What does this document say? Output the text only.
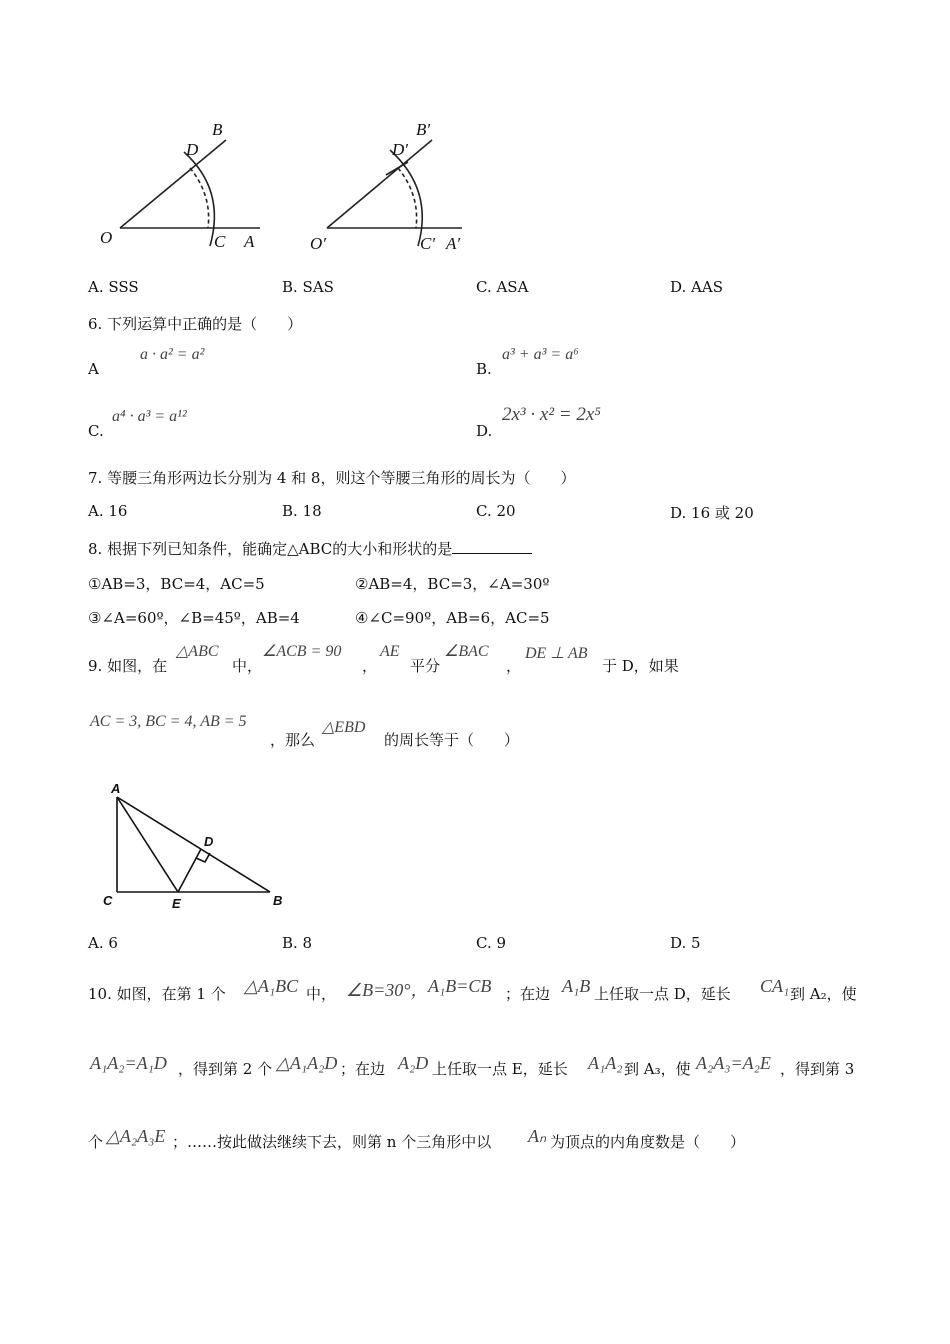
O	A
B
C
D
O′	A′
B′
C′
D′
A. SSS	B. SAS	C. ASA	D. AAS
6. 下列运算中正确的是（　　）
A
a · a² = a²
B.
a³ + a³ = a⁶
C.
a⁴ · a³ = a¹²
D.
2x³ · x² = 2x⁵
7. 等腰三角形两边长分别为 4 和 8，则这个等腰三角形的周长为（　　）
A. 16	B. 18	C. 20	D. 16 或 20
8. 根据下列已知条件，能确定△ABC的大小和形状的是
①AB=3，BC=4，AC=5	②AB=4，BC=3，∠A=30º
③∠A=60º，∠B=45º，AB=4	④∠C=90º，AB=6，AC=5
9. 如图，在
△ABC
中，
∠ACB = 90
，
AE
平分
∠BAC
，
DE ⊥ AB
于 D，如果
AC = 3, BC = 4, AB = 5
，那么
△EBD
的周长等于（　　）
A
C	E	B
D
A. 6	B. 8	C. 9	D. 5
10. 如图，在第 1 个 △A₁BC 中， ∠B=30°， A₁B=CB ；在边 A₁B 上任取一点 D，延长 CA₁ 到 A₂，使
A₁A₂=A₁D ，得到第 2 个 △A₁A₂D ；在边 A₂D 上任取一点 E，延长 A₁A₂ 到 A₃，使 A₂A₃=A₂E ，得到第 3
个 △A₂A₃E ；……按此做法继续下去，则第 n 个三角形中以 Aₙ 为顶点的内角度数是（　　）
